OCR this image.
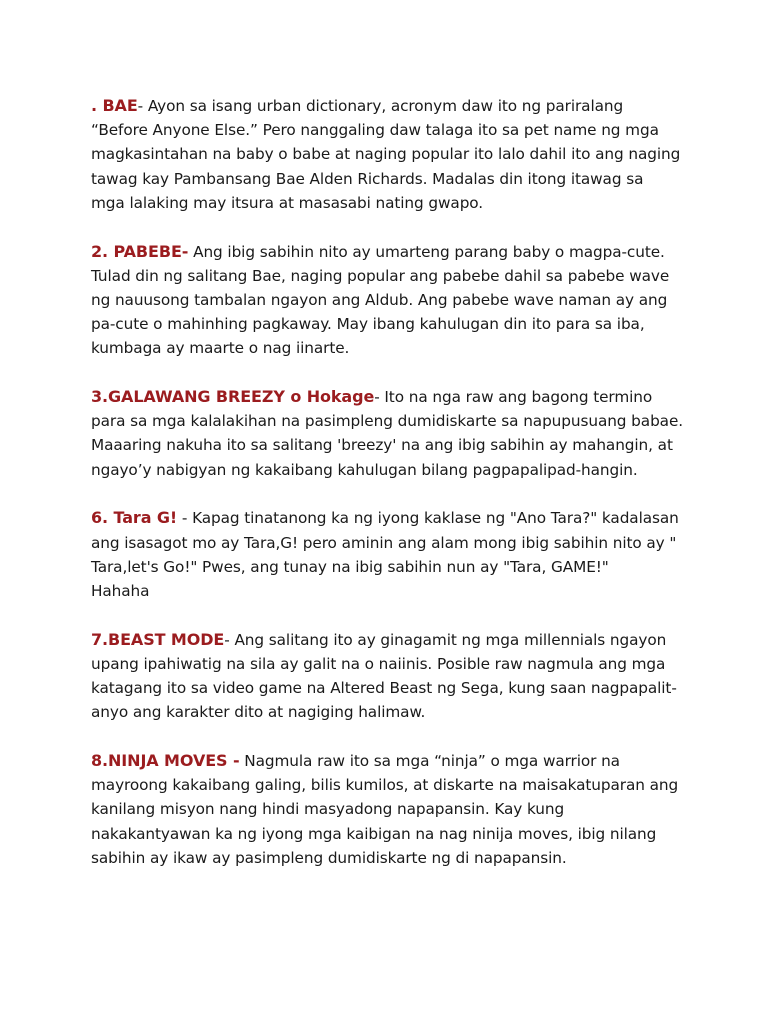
. BAE- Ayon sa isang urban dictionary, acronym daw ito ng pariralang
“Before Anyone Else.” Pero nanggaling daw talaga ito sa pet name ng mga
magkasintahan na baby o babe at naging popular ito lalo dahil ito ang naging
tawag kay Pambansang Bae Alden Richards. Madalas din itong itawag sa
mga lalaking may itsura at masasabi nating gwapo.

2. PABEBE- Ang ibig sabihin nito ay umarteng parang baby o magpa-cute.
Tulad din ng salitang Bae, naging popular ang pabebe dahil sa pabebe wave
ng nauusong tambalan ngayon ang Aldub. Ang pabebe wave naman ay ang
pa-cute o mahinhing pagkaway. May ibang kahulugan din ito para sa iba,
kumbaga ay maarte o nag iinarte.

3.GALAWANG BREEZY o Hokage- Ito na nga raw ang bagong termino
para sa mga kalalakihan na pasimpleng dumidiskarte sa napupusuang babae.
Maaaring nakuha ito sa salitang 'breezy' na ang ibig sabihin ay mahangin, at
ngayo’y nabigyan ng kakaibang kahulugan bilang pagpapalipad-hangin.

6. Tara G! - Kapag tinatanong ka ng iyong kaklase ng "Ano Tara?" kadalasan
ang isasagot mo ay Tara,G! pero aminin ang alam mong ibig sabihin nito ay "
Tara,let's Go!" Pwes, ang tunay na ibig sabihin nun ay "Tara, GAME!"
Hahaha

7.BEAST MODE- Ang salitang ito ay ginagamit ng mga millennials ngayon
upang ipahiwatig na sila ay galit na o naiinis. Posible raw nagmula ang mga
katagang ito sa video game na Altered Beast ng Sega, kung saan nagpapalit-
anyo ang karakter dito at nagiging halimaw.

8.NINJA MOVES - Nagmula raw ito sa mga “ninja” o mga warrior na
mayroong kakaibang galing, bilis kumilos, at diskarte na maisakatuparan ang
kanilang misyon nang hindi masyadong napapansin. Kay kung
nakakantyawan ka ng iyong mga kaibigan na nag ninija moves, ibig nilang
sabihin ay ikaw ay pasimpleng dumidiskarte ng di napapansin.
